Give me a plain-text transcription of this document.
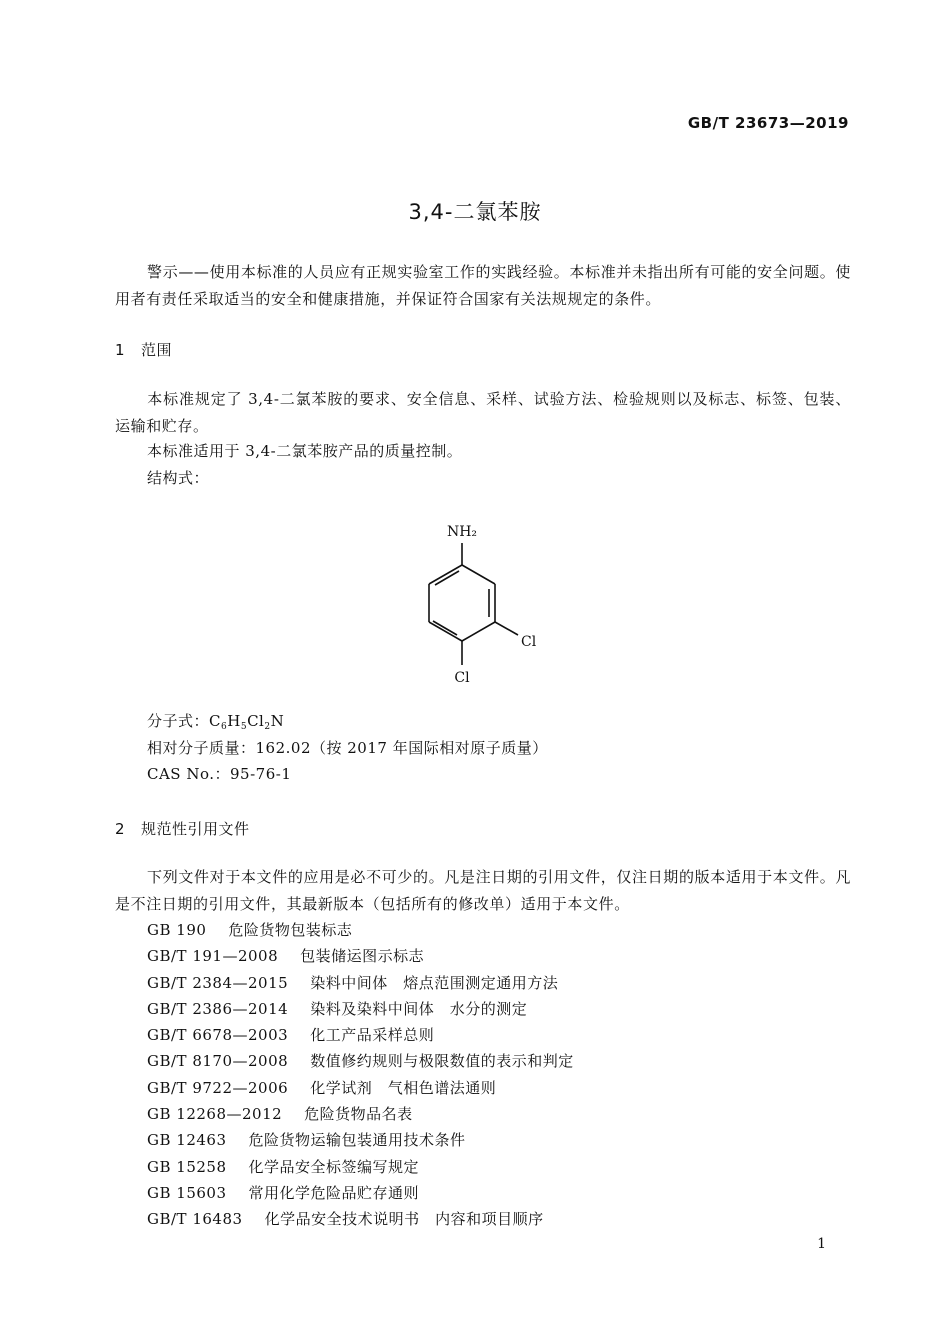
GB/T 23673—2019
3,4-二氯苯胺
警示——使用本标准的人员应有正规实验室工作的实践经验。本标准并未指出所有可能的安全问题。使用者有责任采取适当的安全和健康措施，并保证符合国家有关法规规定的条件。
1 范围
本标准规定了 3,4-二氯苯胺的要求、安全信息、采样、试验方法、检验规则以及标志、标签、包装、运输和贮存。
本标准适用于 3,4-二氯苯胺产品的质量控制。
结构式：
NH₂
Cl
Cl
分子式：$C_6H_5Cl_2N$
相对分子质量：162.02（按 2017 年国际相对原子质量）
CAS No.：95-76-1
2 规范性引用文件
下列文件对于本文件的应用是必不可少的。凡是注日期的引用文件，仅注日期的版本适用于本文件。凡是不注日期的引用文件，其最新版本（包括所有的修改单）适用于本文件。
GB 190 危险货物包装标志
GB/T 191—2008 包装储运图示标志
GB/T 2384—2015 染料中间体　熔点范围测定通用方法
GB/T 2386—2014 染料及染料中间体　水分的测定
GB/T 6678—2003 化工产品采样总则
GB/T 8170—2008 数值修约规则与极限数值的表示和判定
GB/T 9722—2006 化学试剂　气相色谱法通则
GB 12268—2012 危险货物品名表
GB 12463 危险货物运输包装通用技术条件
GB 15258 化学品安全标签编写规定
GB 15603 常用化学危险品贮存通则
GB/T 16483 化学品安全技术说明书　内容和项目顺序
1
